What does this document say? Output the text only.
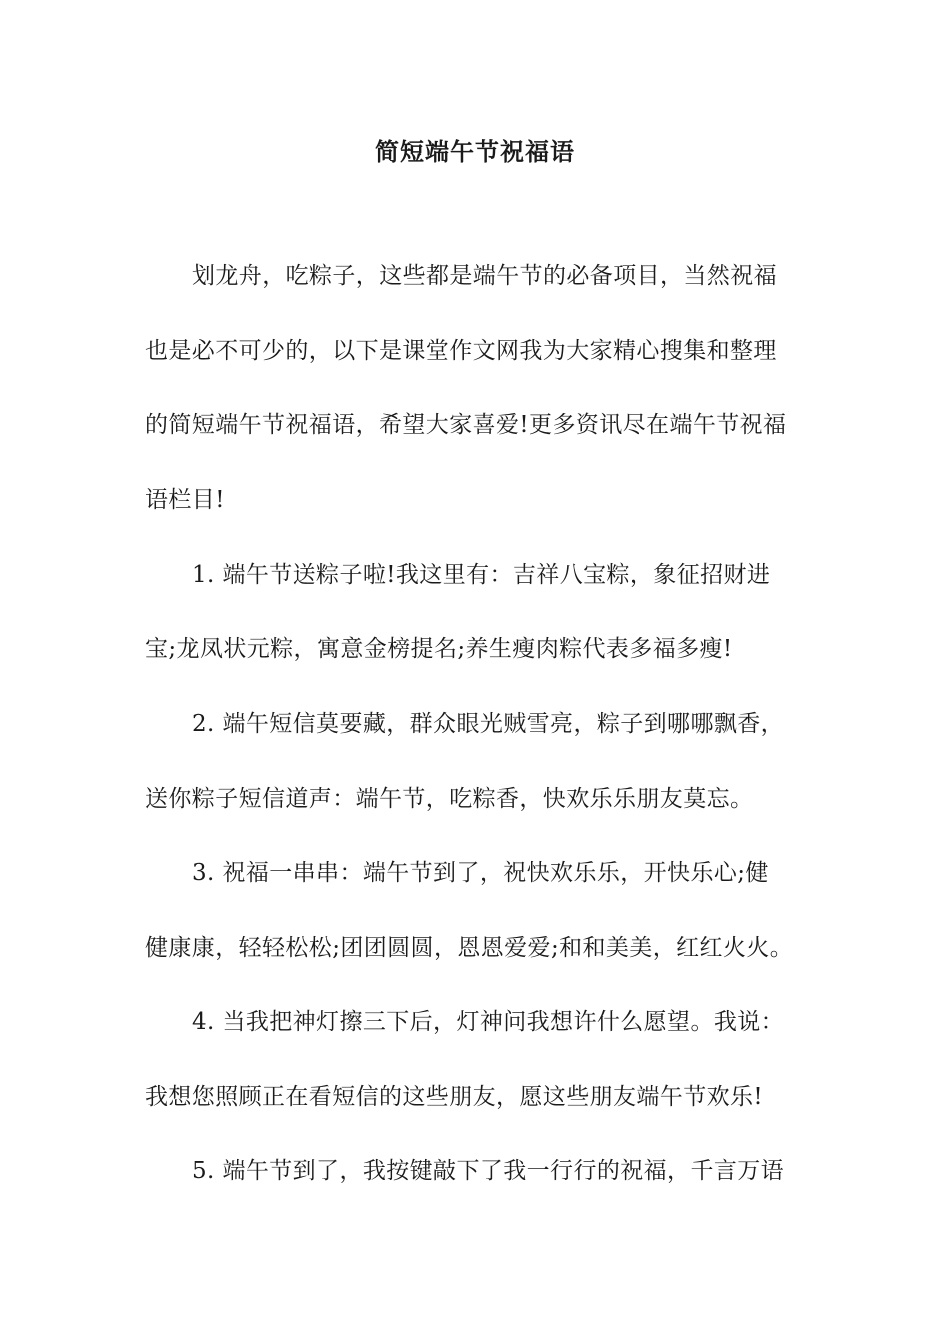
简短端午节祝福语

划龙舟，吃粽子，这些都是端午节的必备项目，当然祝福

也是必不可少的，以下是课堂作文网我为大家精心搜集和整理

的简短端午节祝福语，希望大家喜爱!更多资讯尽在端午节祝福

语栏目!

1. 端午节送粽子啦!我这里有：吉祥八宝粽，象征招财进

宝;龙凤状元粽，寓意金榜提名;养生瘦肉粽代表多福多瘦!

2. 端午短信莫要藏，群众眼光贼雪亮，粽子到哪哪飘香，

送你粽子短信道声：端午节，吃粽香，快欢乐乐朋友莫忘。

3. 祝福一串串：端午节到了，祝快欢乐乐，开快乐心;健

健康康，轻轻松松;团团圆圆，恩恩爱爱;和和美美，红红火火。

4. 当我把神灯擦三下后，灯神问我想许什么愿望。我说：

我想您照顾正在看短信的这些朋友，愿这些朋友端午节欢乐!

5. 端午节到了，我按键敲下了我一行行的祝福，千言万语
